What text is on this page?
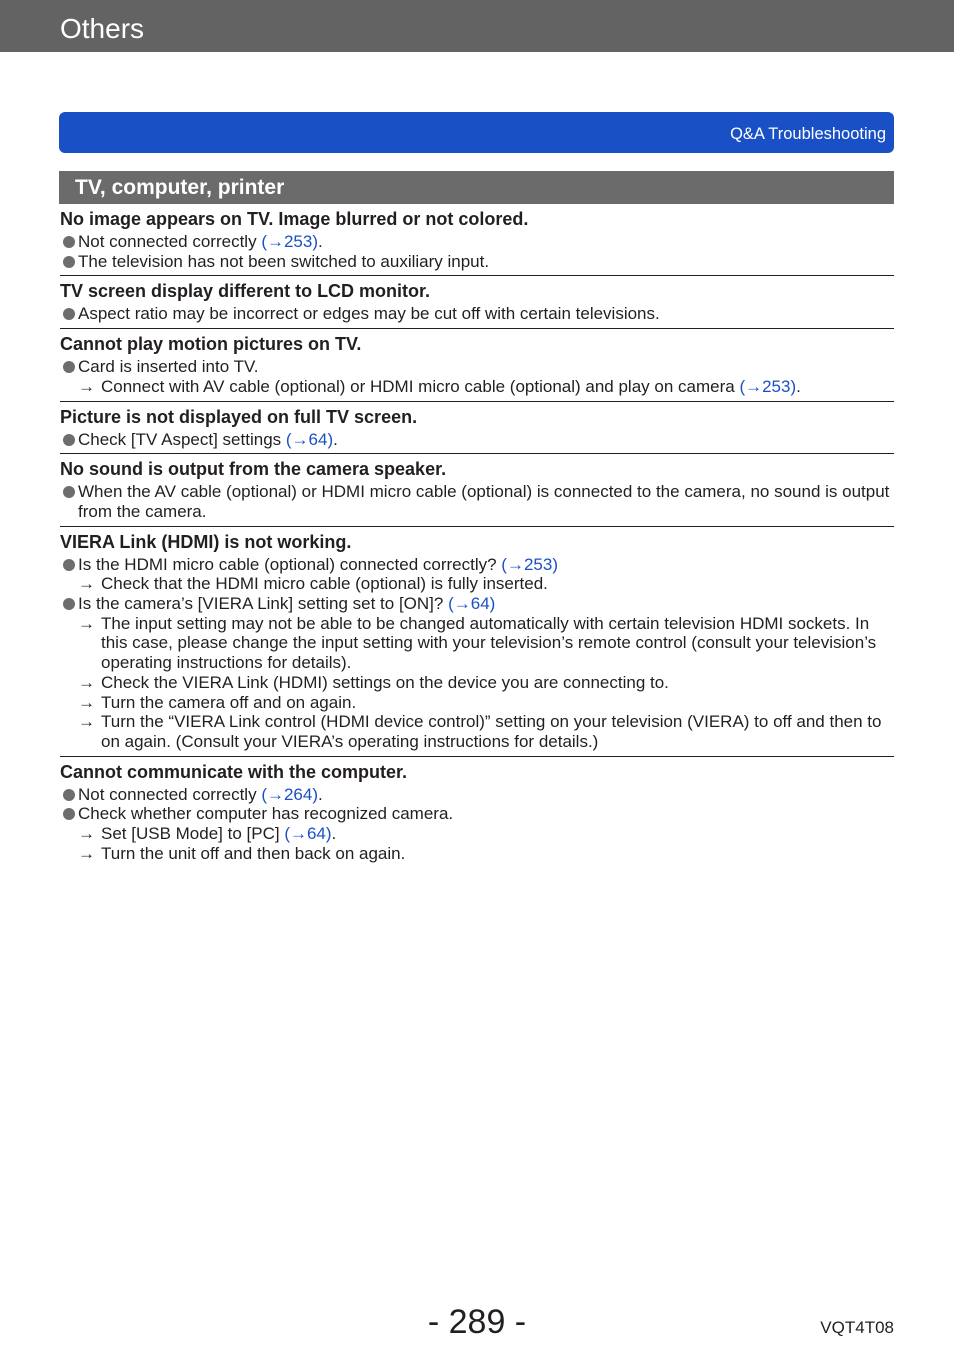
Others
Q&A Troubleshooting
TV, computer, printer
No image appears on TV. Image blurred or not colored.
Not connected correctly (→253).
The television has not been switched to auxiliary input.
TV screen display different to LCD monitor.
Aspect ratio may be incorrect or edges may be cut off with certain televisions.
Cannot play motion pictures on TV.
Card is inserted into TV.
→ Connect with AV cable (optional) or HDMI micro cable (optional) and play on camera (→253).
Picture is not displayed on full TV screen.
Check [TV Aspect] settings (→64).
No sound is output from the camera speaker.
When the AV cable (optional) or HDMI micro cable (optional) is connected to the camera, no sound is output from the camera.
VIERA Link (HDMI) is not working.
Is the HDMI micro cable (optional) connected correctly? (→253)
→ Check that the HDMI micro cable (optional) is fully inserted.
Is the camera’s [VIERA Link] setting set to [ON]? (→64)
→ The input setting may not be able to be changed automatically with certain television HDMI sockets. In this case, please change the input setting with your television’s remote control (consult your television’s operating instructions for details).
→ Check the VIERA Link (HDMI) settings on the device you are connecting to.
→ Turn the camera off and on again.
→ Turn the “VIERA Link control (HDMI device control)” setting on your television (VIERA) to off and then to on again. (Consult your VIERA’s operating instructions for details.)
Cannot communicate with the computer.
Not connected correctly (→264).
Check whether computer has recognized camera.
→ Set [USB Mode] to [PC] (→64).
→ Turn the unit off and then back on again.
- 289 -	VQT4T08
